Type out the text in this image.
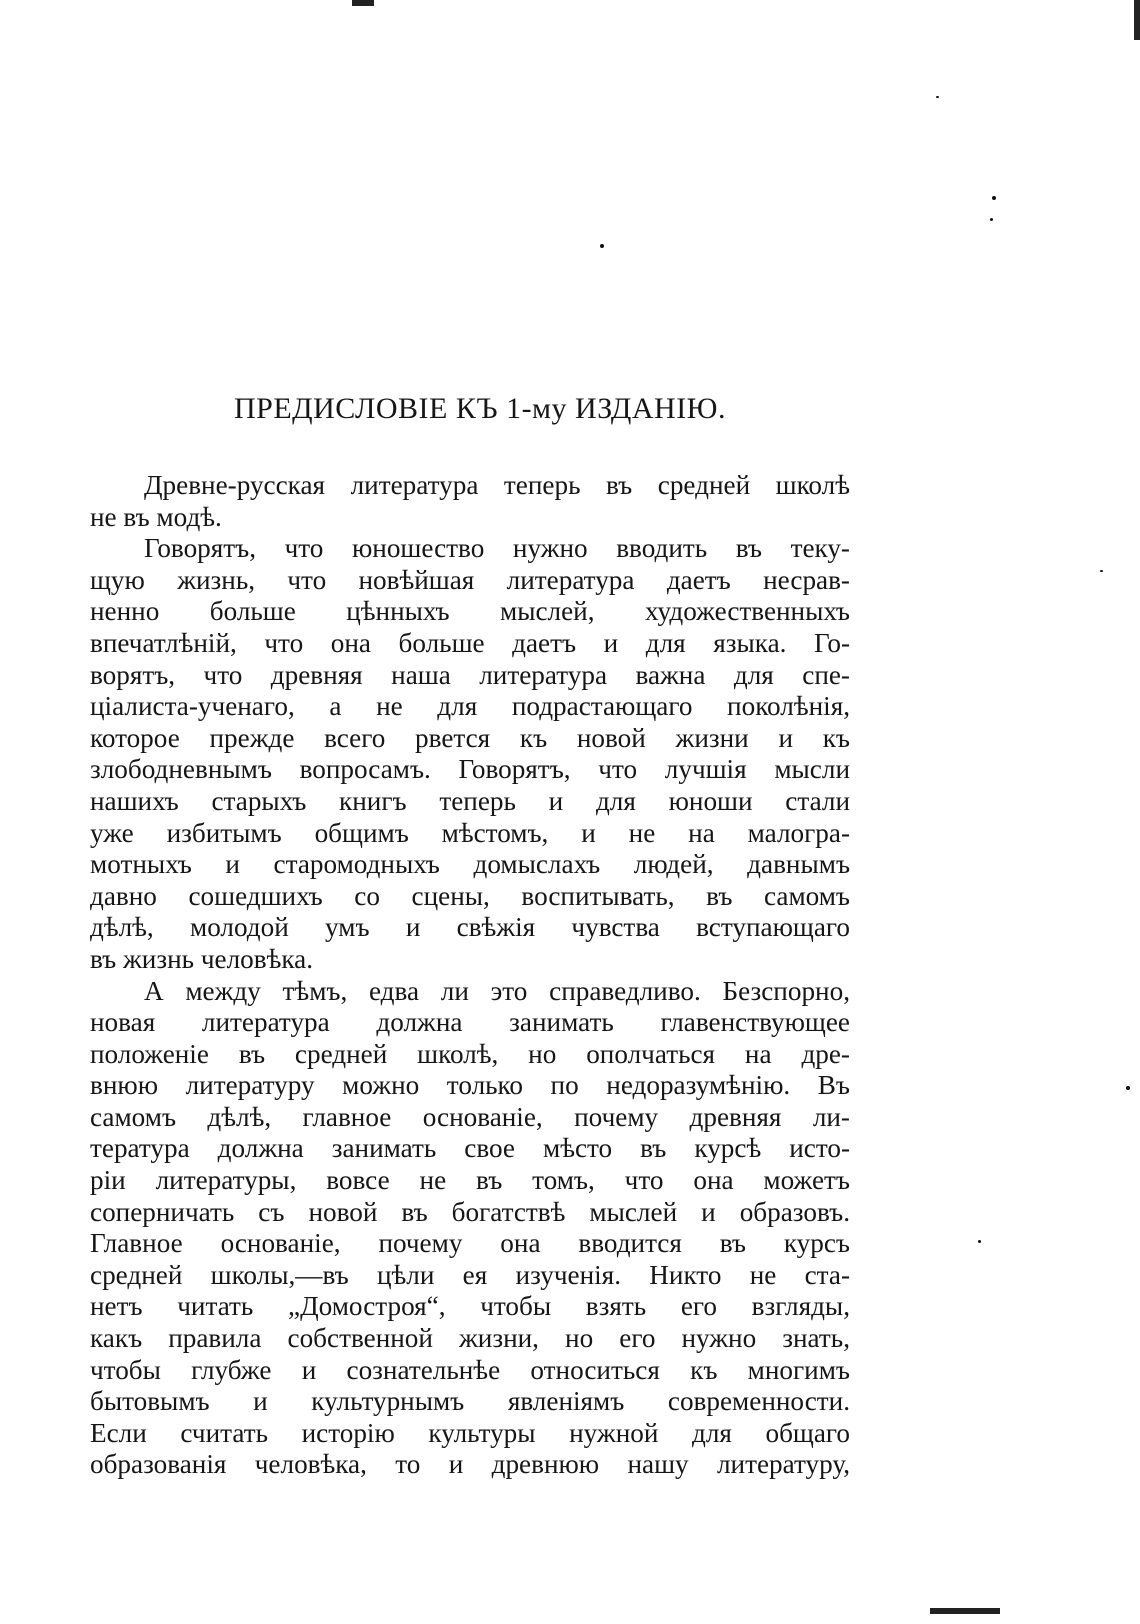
ПРЕДИСЛОВІЕ КЪ 1-му ИЗДАНІЮ.
Древне-русская литература теперь въ средней школѣ
не въ модѣ.
Говорятъ, что юношество нужно вводить въ теку-
щую жизнь, что новѣйшая литература даетъ несрав-
ненно больше цѣнныхъ мыслей, художественныхъ
впечатлѣній, что она больше даетъ и для языка. Го-
ворятъ, что древняя наша литература важна для спе-
ціалиста-ученаго, а не для подрастающаго поколѣнія,
которое прежде всего рвется къ новой жизни и къ
злободневнымъ вопросамъ. Говорятъ, что лучшія мысли
нашихъ старыхъ книгъ теперь и для юноши стали
уже избитымъ общимъ мѣстомъ, и не на малогра-
мотныхъ и старомодныхъ домыслахъ людей, давнымъ
давно сошедшихъ со сцены, воспитывать, въ самомъ
дѣлѣ, молодой умъ и свѣжія чувства вступающаго
въ жизнь человѣка.
А между тѣмъ, едва ли это справедливо. Безспорно,
новая литература должна занимать главенствующее
положеніе въ средней школѣ, но ополчаться на дре-
внюю литературу можно только по недоразумѣнію. Въ
самомъ дѣлѣ, главное основаніе, почему древняя ли-
тература должна занимать свое мѣсто въ курсѣ исто-
ріи литературы, вовсе не въ томъ, что она можетъ
соперничать съ новой въ богатствѣ мыслей и образовъ.
Главное основаніе, почему она вводится въ курсъ
средней школы,—въ цѣли ея изученія. Никто не ста-
нетъ читать „Домостроя“, чтобы взять его взгляды,
какъ правила собственной жизни, но его нужно знать,
чтобы глубже и сознательнѣе относиться къ многимъ
бытовымъ и культурнымъ явленіямъ современности.
Если считать исторію культуры нужной для общаго
образованія человѣка, то и древнюю нашу литературу,
